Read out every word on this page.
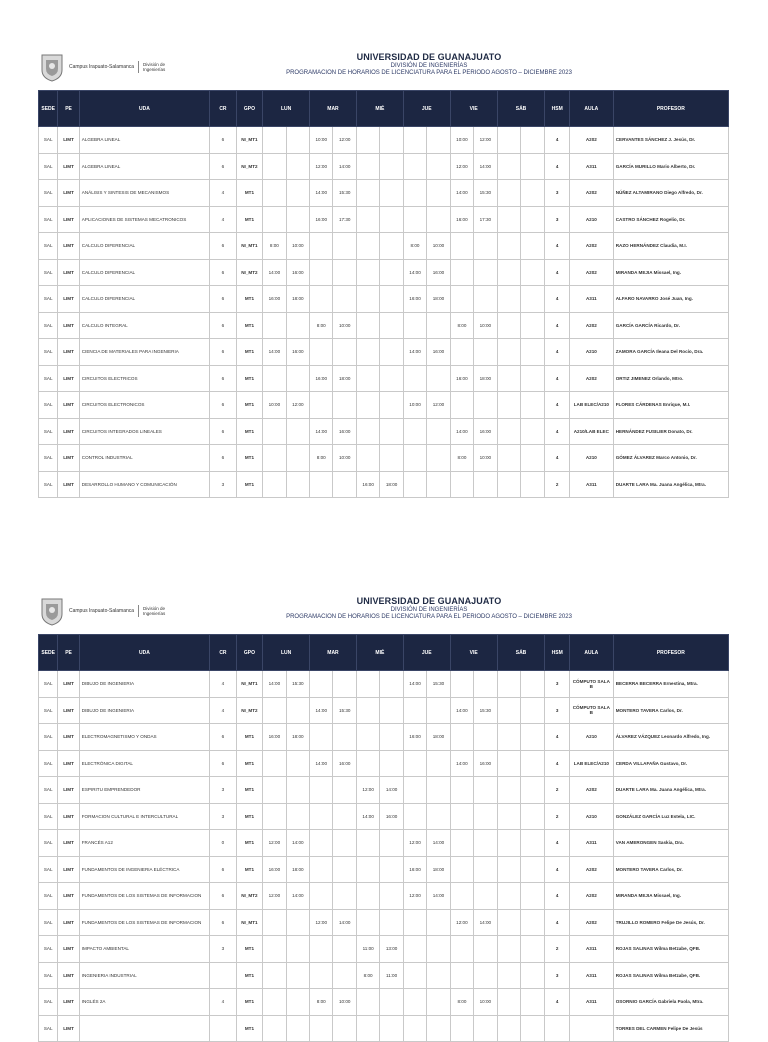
Campus Irapuato-Salamanca División de
Ingenierías
UNIVERSIDAD DE GUANAJUATO
DIVISIÓN DE INGENIERÍAS
PROGRAMACION DE HORARIOS DE LICENCIATURA PARA EL PERIODO AGOSTO – DICIEMBRE 2023
SEDE	PE	UDA	CR	GPO	LUN		MAR		MIÉ		JUE		VIE		SÁB		HSM	AULA	PROFESOR
SAL	LIMT	ALGEBRA LINEAL	6	NI_MT1			10:00	12:00					10:00	12:00			4	A202	CERVANTES SÁNCHEZ J. Jesús, Dr.
SAL	LIMT	ALGEBRA LINEAL	6	NI_MT2			12:00	14:00					12:00	14:00			4	A311	GARCÍA MURILLO Mario Alberto, Dr.
SAL	LIMT	ANÁLISIS Y SINTESIS DE MECANISMOS	4	MT1			14:00	15:30					14:00	15:30			3	A202	NÚÑEZ ALTAMIRANO Diego Alfredo, Dr.
SAL	LIMT	APLICACIONES DE SISTEMAS MECATRONICOS	4	MT1			16:00	17:30					16:00	17:30			3	A210	CASTRO SÁNCHEZ Rogelio, Dr.
SAL	LIMT	CALCULO DIFERENCIAL	6	NI_MT1	8:00	10:00					8:00	10:00					4	A202	RAZO HERNÁNDEZ Claudia, M.I.
SAL	LIMT	CALCULO DIFERENCIAL	6	NI_MT2	14:00	16:00					14:00	16:00					4	A202	MIRANDA MEJIA Missael, Ing.
SAL	LIMT	CALCULO DIFERENCIAL	6	MT1	16:00	18:00					16:00	18:00					4	A311	ALFARO NAVARRO José Juan, Ing.
SAL	LIMT	CALCULO INTEGRAL	6	MT1			8:00	10:00					8:00	10:00			4	A202	GARCÍA GARCÍA Ricardo, Dr.
SAL	LIMT	CIENCIA DE MATERIALES PARA INGENIERIA	6	MT1	14:00	16:00					14:00	16:00					4	A210	ZAMORA GARCÍA Ileana Del Rocío, Dra.
SAL	LIMT	CIRCUITOS ELECTRICOS	6	MT1			16:00	18:00					16:00	18:00			4	A202	ORTIZ JIMENEZ Orlando, Mtro.
SAL	LIMT	CIRCUITOS ELECTRONICOS	6	MT1	10:00	12:00					10:00	12:00					4	LAB ELEC/A210	FLORES CÁRDENAS Enrique, M.I.
SAL	LIMT	CIRCUITOS INTEGRADOS LINEALES	6	MT1			14:00	16:00					14:00	16:00			4	A210/LAB ELEC	HERNÁNDEZ FUSILIER Donato, Dr.
SAL	LIMT	CONTROL INDUSTRIAL	6	MT1			8:00	10:00					8:00	10:00			4	A210	GÓMEZ ÁLVAREZ Marco Antonio, Dr.
SAL	LIMT	DESARROLLO HUMANO Y COMUNICACIÓN	3	MT1					16:00	18:00							2	A311	DUARTE LARA Ma. Juana Angélica, Mtra.
Campus Irapuato-Salamanca División de
Ingenierías
UNIVERSIDAD DE GUANAJUATO
DIVISIÓN DE INGENIERÍAS
PROGRAMACION DE HORARIOS DE LICENCIATURA PARA EL PERIODO AGOSTO – DICIEMBRE 2023
SEDE	PE	UDA	CR	GPO	LUN		MAR		MIÉ		JUE		VIE		SÁB		HSM	AULA	PROFESOR
SAL	LIMT	DIBUJO DE INGENIERIA	4	NI_MT1	14:00	15:30					14:00	15:30					3	CÓMPUTO SALA B	BECERRA BECERRA Ernestina, Mtra.
SAL	LIMT	DIBUJO DE INGENIERIA	4	NI_MT2			14:00	15:30					14:00	15:30			3	CÓMPUTO SALA B	MONTERO TAVERA Carlos, Dr.
SAL	LIMT	ELECTROMAGNETISMO Y ONDAS	6	MT1	16:00	18:00					16:00	18:00					4	A210	ÁLVAREZ VÁZQUEZ Leonardo Alfredo, Ing.
SAL	LIMT	ELECTRÓNICA DIGITAL	6	MT1			14:00	16:00					14:00	16:00			4	LAB ELEC/A210	CERDA VILLAFAÑA Gustavo, Dr.
SAL	LIMT	ESPIRITU EMPRENDEDOR	3	MT1					12:00	14:00							2	A202	DUARTE LARA Ma. Juana Angélica, Mtra.
SAL	LIMT	FORMACION CULTURAL E INTERCULTURAL	3	MT1					14:00	16:00							2	A210	GONZÁLEZ GARCÍA Luz Estela, LIC.
SAL	LIMT	FRANCÉS A12	0	MT1	12:00	14:00					12:00	14:00					4	A311	VAN AMERONGEN Saskia, Dra.
SAL	LIMT	FUNDAMENTOS DE INGENIERIA ELÉCTRICA	6	MT1	16:00	18:00					16:00	18:00					4	A202	MONTERO TAVERA Carlos, Dr.
SAL	LIMT	FUNDAMENTOS DE LOS SISTEMAS DE INFORMACION	6	NI_MT2	12:00	14:00					12:00	14:00					4	A202	MIRANDA MEJIA Missael, Ing.
SAL	LIMT	FUNDAMENTOS DE LOS SISTEMAS DE INFORMACION	6	NI_MT1			12:00	14:00					12:00	14:00			4	A202	TRUJILLO ROMERO Felipe De Jesús, Dr.
SAL	LIMT	IMPACTO AMBIENTAL	3	MT1					11:00	13:00							2	A311	ROJAS SALINAS Wilma Betzabe, QFB.
SAL	LIMT	INGENIERIA INDUSTRIAL		MT1					8:00	11:00							3	A311	ROJAS SALINAS Wilma Betzabe, QFB.
SAL	LIMT	INGLÉS 2A	4	MT1			8:00	10:00					8:00	10:00			4	A311	OSORNIO GARCÍA Gabriela Paola, Mtra.
SAL	LIMT			MT1															TORRES DEL CARMEN Felipe De Jesús
